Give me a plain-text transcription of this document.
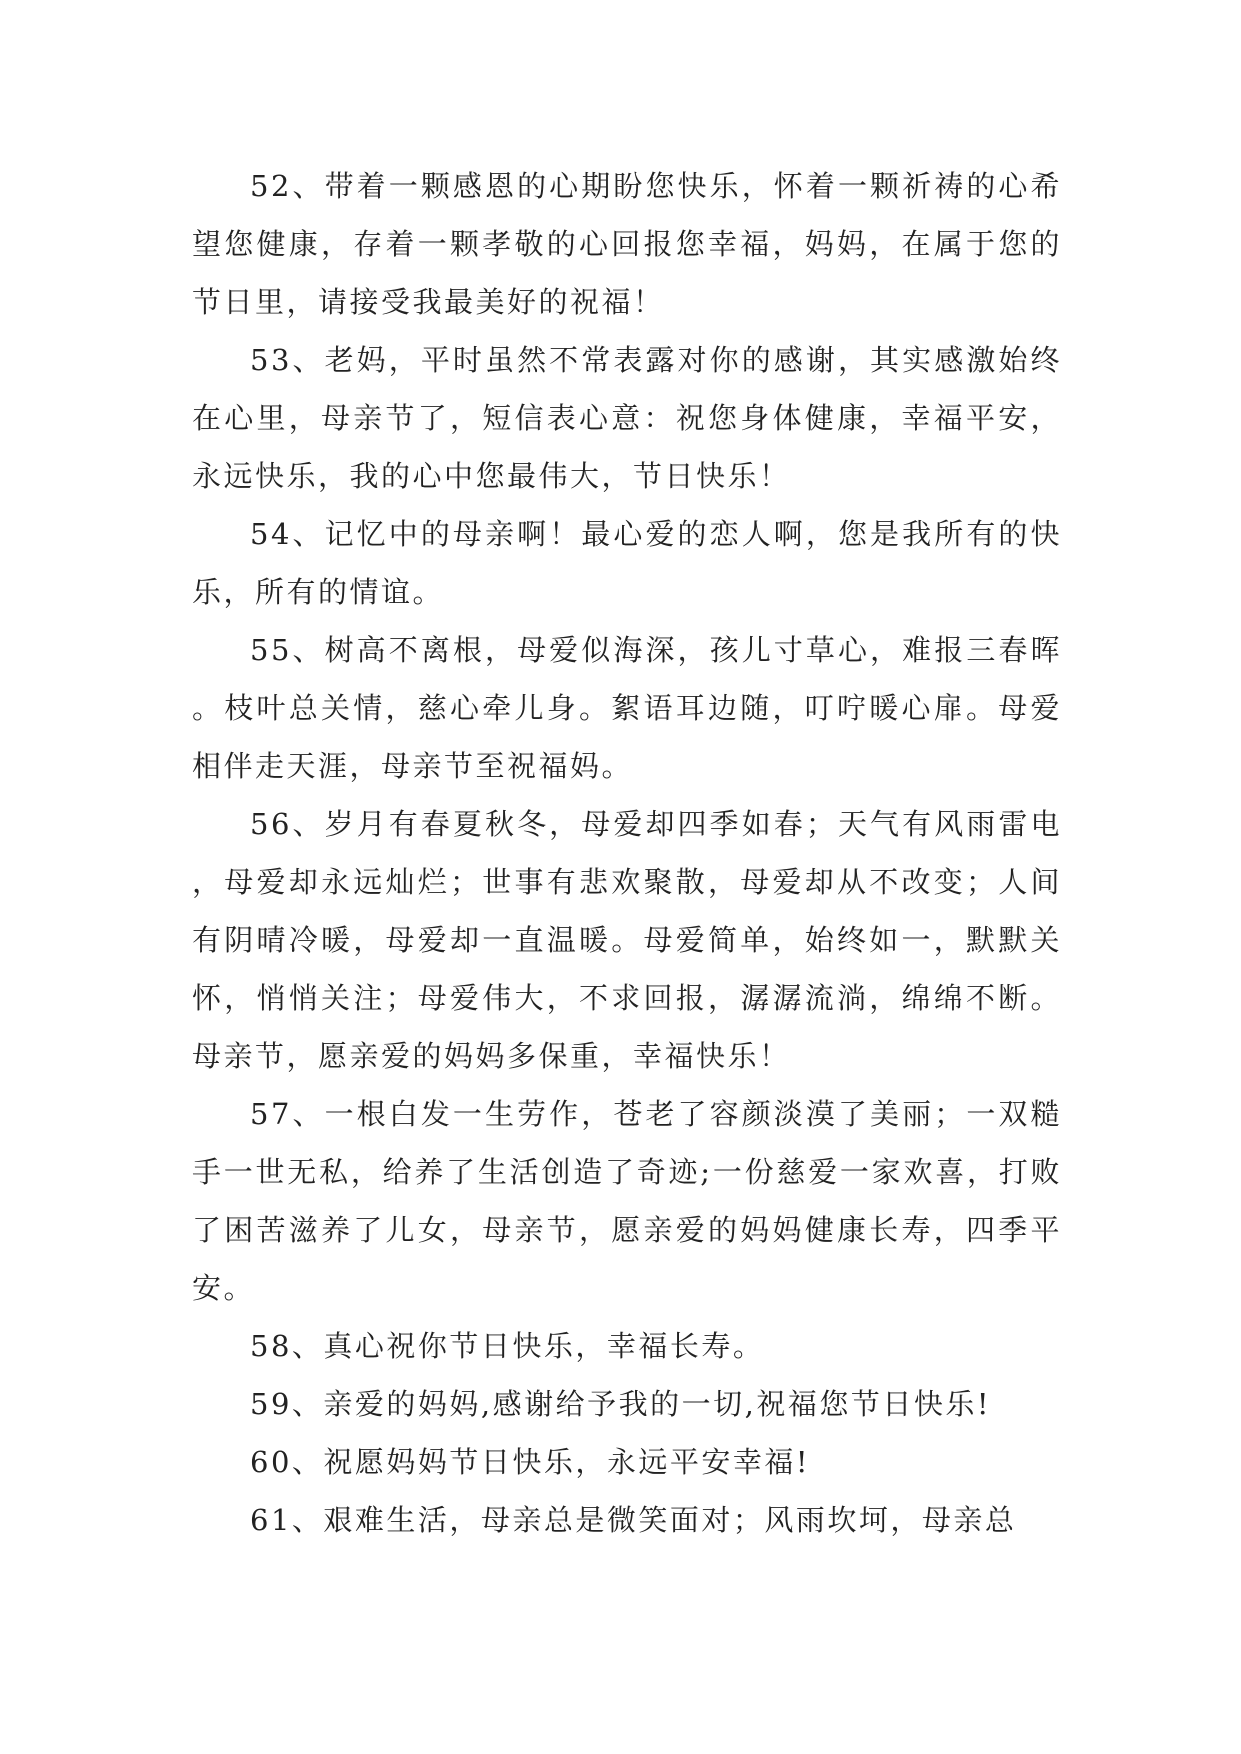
52、带着一颗感恩的心期盼您快乐，怀着一颗祈祷的心希望您健康，存着一颗孝敬的心回报您幸福，妈妈，在属于您的节日里，请接受我最美好的祝福！

53、老妈，平时虽然不常表露对你的感谢，其实感激始终在心里，母亲节了，短信表心意：祝您身体健康，幸福平安，永远快乐，我的心中您最伟大，节日快乐！

54、记忆中的母亲啊！最心爱的恋人啊，您是我所有的快乐，所有的情谊。

55、树高不离根，母爱似海深，孩儿寸草心，难报三春晖。枝叶总关情，慈心牵儿身。絮语耳边随，叮咛暖心扉。母爱相伴走天涯，母亲节至祝福妈。

56、岁月有春夏秋冬，母爱却四季如春；天气有风雨雷电，母爱却永远灿烂；世事有悲欢聚散，母爱却从不改变；人间有阴晴冷暖，母爱却一直温暖。母爱简单，始终如一，默默关怀，悄悄关注；母爱伟大，不求回报，潺潺流淌，绵绵不断。母亲节，愿亲爱的妈妈多保重，幸福快乐！

57、一根白发一生劳作，苍老了容颜淡漠了美丽；一双糙手一世无私，给养了生活创造了奇迹;一份慈爱一家欢喜，打败了困苦滋养了儿女，母亲节，愿亲爱的妈妈健康长寿，四季平安。

58、真心祝你节日快乐，幸福长寿。

59、亲爱的妈妈,感谢给予我的一切,祝福您节日快乐!

60、祝愿妈妈节日快乐，永远平安幸福!

61、艰难生活，母亲总是微笑面对；风雨坎坷，母亲总
